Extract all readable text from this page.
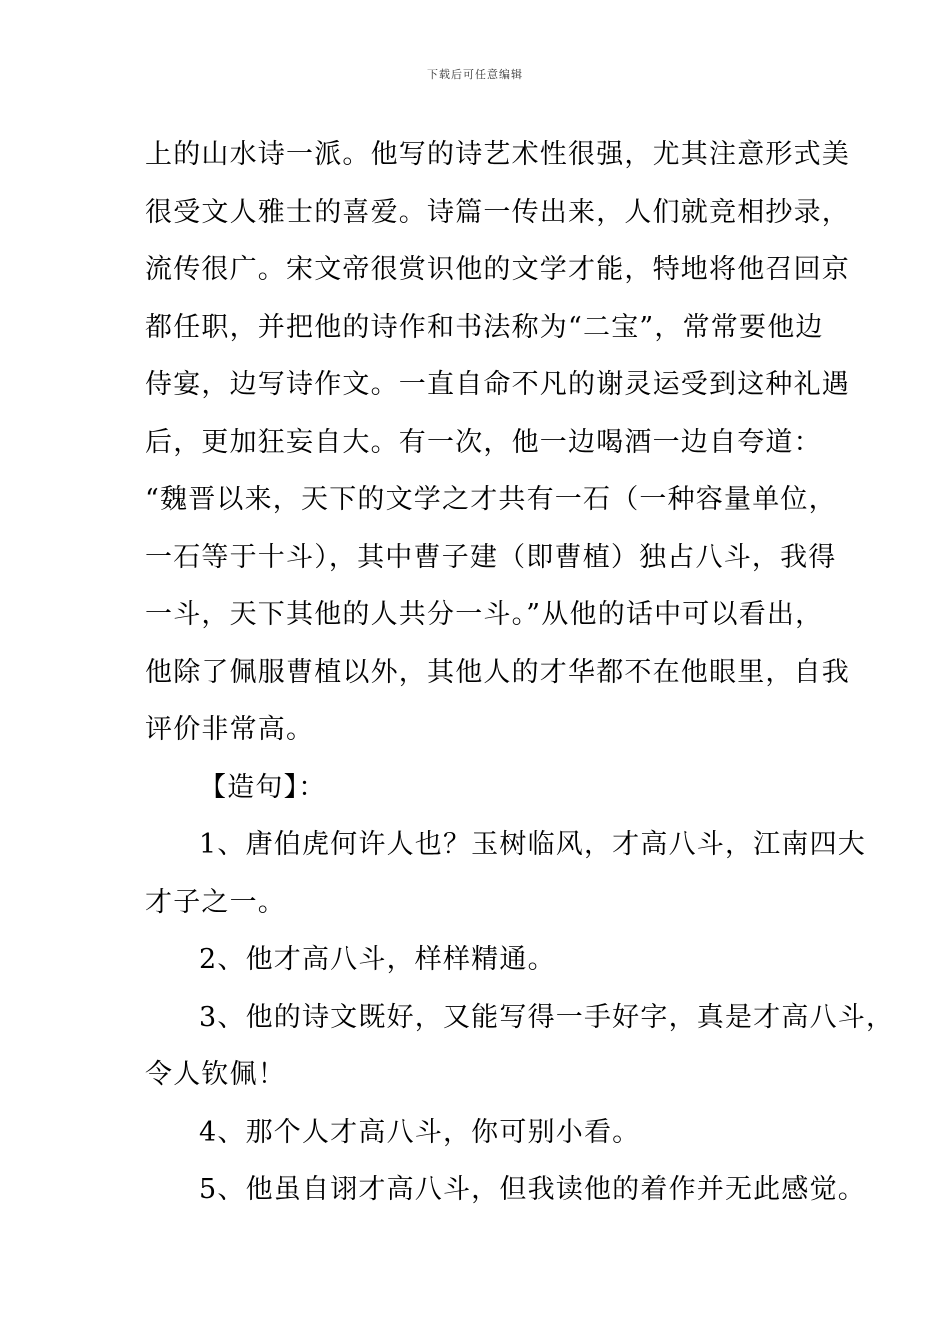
下载后可任意编辑
上的山水诗一派。他写的诗艺术性很强，尤其注意形式美
很受文人雅士的喜爱。诗篇一传出来，人们就竞相抄录，
流传很广。宋文帝很赏识他的文学才能，特地将他召回京
都任职，并把他的诗作和书法称为“二宝”，常常要他边
侍宴，边写诗作文。一直自命不凡的谢灵运受到这种礼遇
后，更加狂妄自大。有一次，他一边喝酒一边自夸道：
“魏晋以来，天下的文学之才共有一石（一种容量单位，
一石等于十斗），其中曹子建（即曹植）独占八斗，我得
一斗，天下其他的人共分一斗。”从他的话中可以看出，
他除了佩服曹植以外，其他人的才华都不在他眼里，自我
评价非常高。
【造句】：
1、唐伯虎何许人也？玉树临风，才高八斗，江南四大
才子之一。
2、他才高八斗，样样精通。
3、他的诗文既好，又能写得一手好字，真是才高八斗，
令人钦佩！
4、那个人才高八斗，你可别小看。
5、他虽自诩才高八斗，但我读他的着作并无此感觉。
